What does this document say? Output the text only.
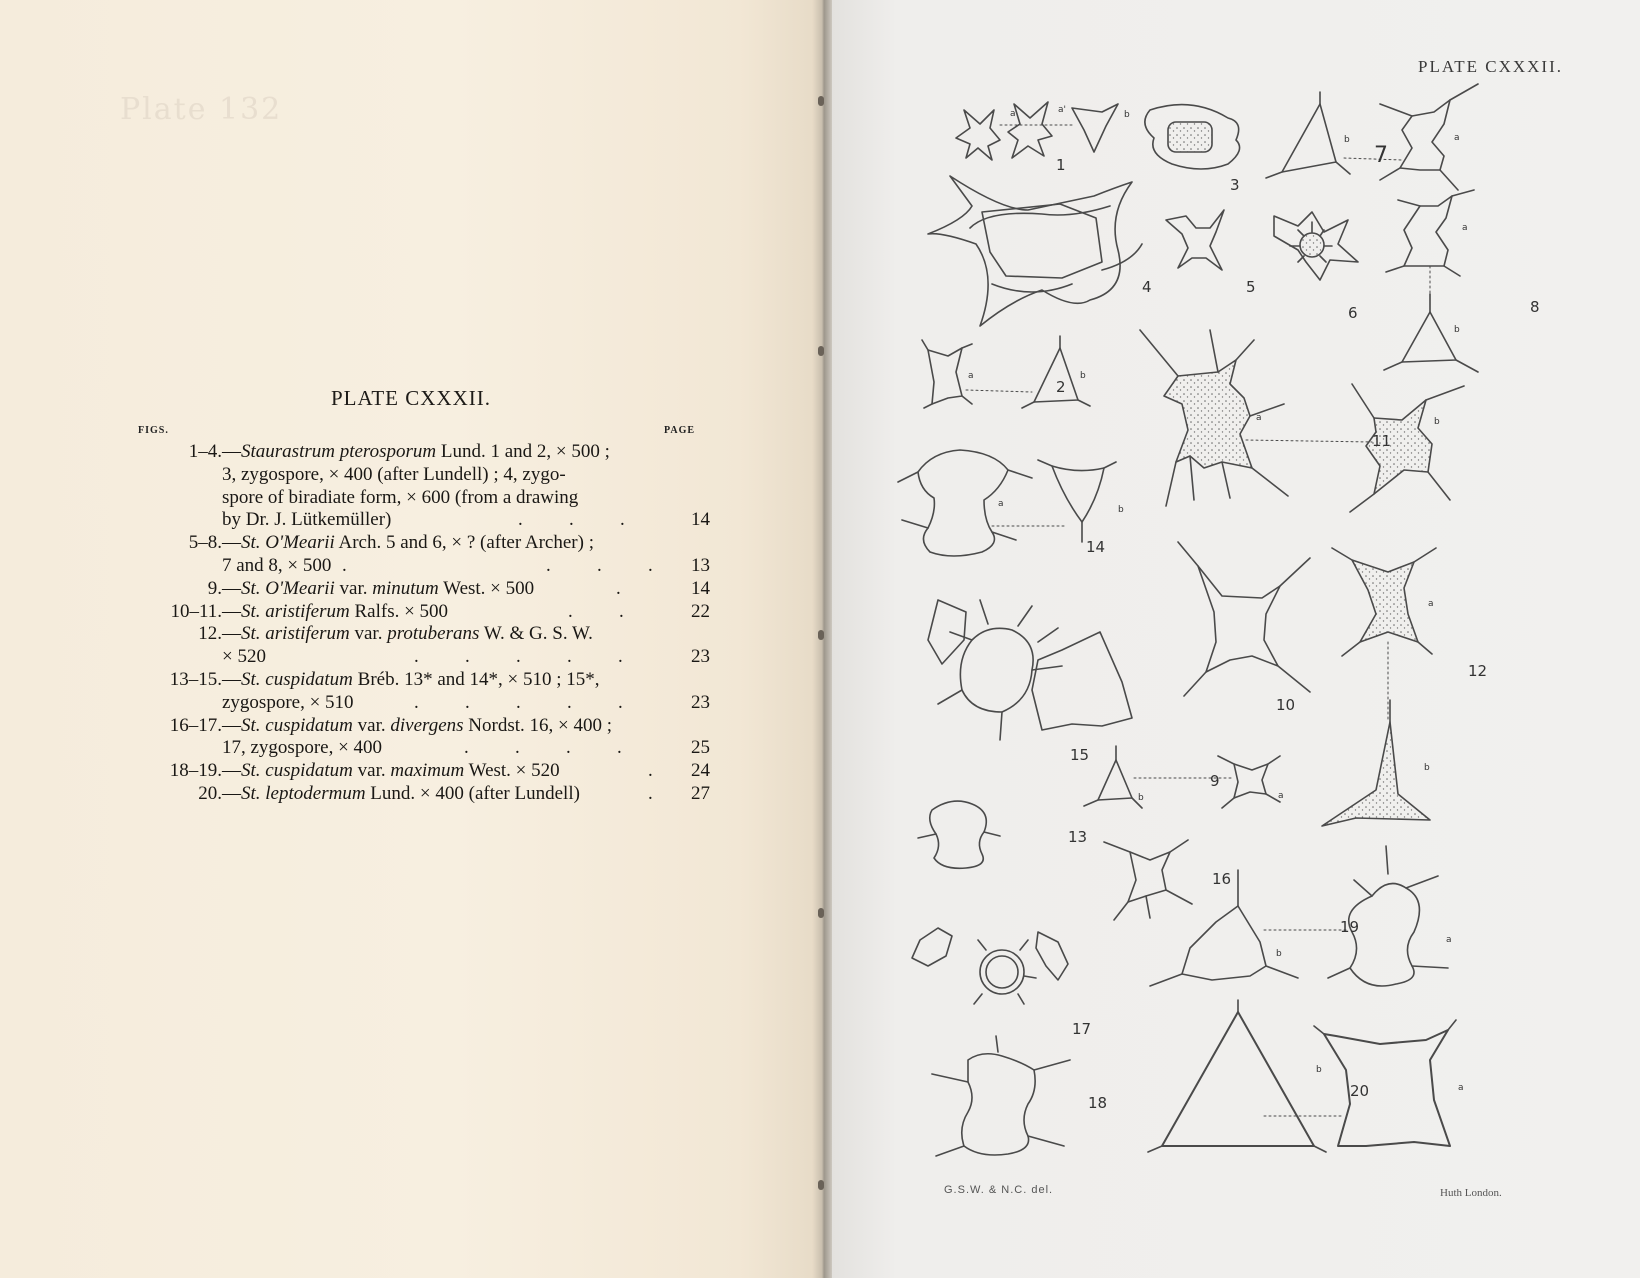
Plate 132
PLATE CXXXII.
FIGS.	PAGE
1–4. —Staurastrum pterosporum Lund. 1 and 2, × 500 ;
3, zygospore, × 400 (after Lundell) ; 4, zygo-
spore of biradiate form, × 600 (from a drawing
by Dr. J. Lütkemüller)	. . .	14
5–8. —St. O'Mearii Arch. 5 and 6, × ? (after Archer) ;
7 and 8, × 500 .	. . .	13
9. —St. O'Mearii var. minutum West. × 500	.	14
10–11. —St. aristiferum Ralfs. × 500	. .	22
12. —St. aristiferum var. protuberans W. & G. S. W.
× 520	. . . . .	23
13–15. —St. cuspidatum Bréb. 13* and 14*, × 510 ; 15*,
zygospore, × 510	. . . . .	23
16–17. —St. cuspidatum var. divergens Nordst. 16, × 400 ;
17, zygospore, × 400	. . . .	25
18–19. —St. cuspidatum var. maximum West. × 520	.	24
20. —St. leptodermum Lund. × 400 (after Lundell)	.	27
PLATE CXXXII.
a	a'	b
7
b	a
a
b
a	b
a	b
a
b
a
b
b	a
b
a
b
a
1
2
3
4	5
6	8
9
10
11
12
13
14
15
16
17
18
19
20
G.S.W. & N.C. del.	Huth London.
